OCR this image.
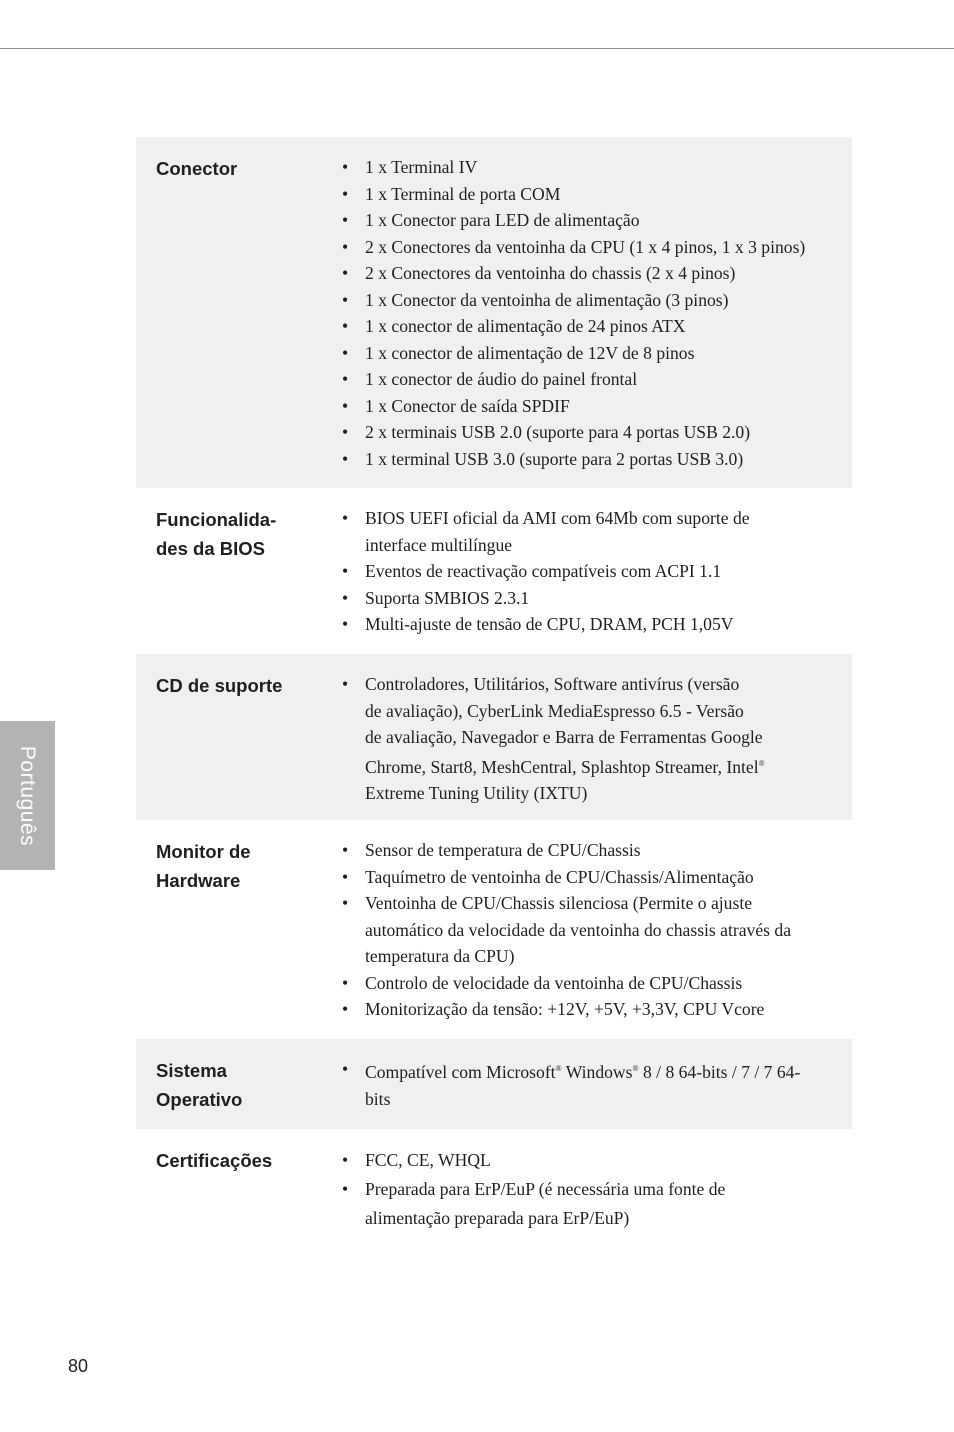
Português
Conector	• 1 x Terminal IV
• 1 x Terminal de porta COM
• 1 x Conector para LED de alimentação
• 2 x Conectores da ventoinha da CPU (1 x 4 pinos, 1 x 3 pinos)
• 2 x Conectores da ventoinha do chassis (2 x 4 pinos)
• 1 x Conector da ventoinha de alimentação (3 pinos)
• 1 x conector de alimentação de 24 pinos ATX
• 1 x conector de alimentação de 12V de 8 pinos
• 1 x conector de áudio do painel frontal
• 1 x Conector de saída SPDIF
• 2 x terminais USB 2.0 (suporte para 4 portas USB 2.0)
• 1 x terminal USB 3.0 (suporte para 2 portas USB 3.0)
Funcionalida-
des da BIOS
• BIOS UEFI oficial da AMI com 64Mb com suporte de
interface multilíngue
• Eventos de reactivação compatíveis com ACPI 1.1
• Suporta SMBIOS 2.3.1
• Multi-ajuste de tensão de CPU, DRAM, PCH 1,05V
CD de suporte	• Controladores, Utilitários, Software antivírus (versão
de avaliação), CyberLink MediaEspresso 6.5 - Versão
de avaliação, Navegador e Barra de Ferramentas Google
Chrome, Start8, MeshCentral, Splashtop Streamer, Intel®
Extreme Tuning Utility (IXTU)
Monitor de
Hardware
• Sensor de temperatura de CPU/Chassis
• Taquímetro de ventoinha de CPU/Chassis/Alimentação
• Ventoinha de CPU/Chassis silenciosa (Permite o ajuste
automático da velocidade da ventoinha do chassis através da
temperatura da CPU)
• Controlo de velocidade da ventoinha de CPU/Chassis
• Monitorização da tensão: +12V, +5V, +3,3V, CPU Vcore
Sistema
Operativo
• Compatível com Microsoft® Windows® 8 / 8 64-bits / 7 / 7 64-
bits
Certificações	• FCC, CE, WHQL
• Preparada para ErP/EuP (é necessária uma fonte de
alimentação preparada para ErP/EuP)
80
